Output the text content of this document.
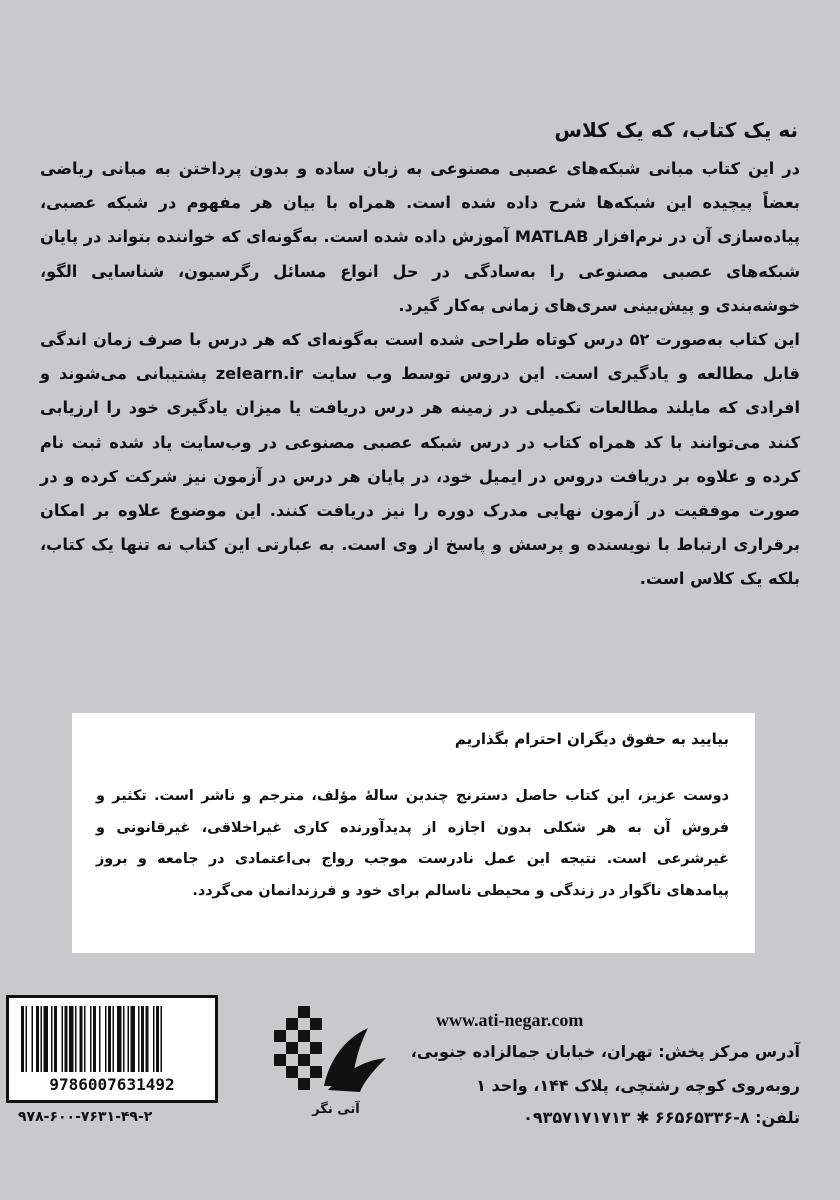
نه یک کتاب، که یک کلاس

در این کتاب مبانی شبکه‌های عصبی مصنوعی به زبان ساده و بدون پرداختن به مبانی ریاضی بعضاً پیچیده این شبکه‌ها شرح داده شده است. همراه با بیان هر مفهوم در شبکه عصبی، پیاده‌سازی آن در نرم‌افزار MATLAB آموزش داده شده است. به‌گونه‌ای که خواننده بتواند در پایان شبکه‌های عصبی مصنوعی را به‌سادگی در حل انواع مسائل رگرسیون، شناسایی الگو، خوشه‌بندی و پیش‌بینی سری‌های زمانی به‌کار گیرد.

این کتاب به‌صورت ۵۲ درس کوتاه طراحی شده است به‌گونه‌ای که هر درس با صرف زمان اندگی قابل مطالعه و یادگیری است. این دروس توسط وب سایت zelearn.ir پشتیبانی می‌شوند و افرادی که مایلند مطالعات تکمیلی در زمینه هر درس دریافت یا میزان یادگیری خود را ارزیابی کنند می‌توانند با کد همراه کتاب در درس شبکه عصبی مصنوعی در وب‌سایت یاد شده ثبت نام کرده و علاوه بر دریافت دروس در ایمیل خود، در پایان هر درس در آزمون نیز شرکت کرده و در صورت موفقیت در آزمون نهایی مدرک دوره را نیز دریافت کنند. این موضوع علاوه بر امکان برقراری ارتباط با نویسنده و پرسش و پاسخ از وی است. به عبارتی این کتاب نه تنها یک کتاب، بلکه یک کلاس است.

بیایید به حقوق دیگران احترام بگذاریم
دوست عزیز، این کتاب حاصل دسترنج چندین سالهٔ مؤلف، مترجم و ناشر است. تکثیر و فروش آن به هر شکلی بدون اجازه از پدیدآورنده کاری غیراخلاقی، غیرقانونی و غیرشرعی است. نتیجه این عمل نادرست موجب رواج بی‌اعتمادی در جامعه و بروز پیامدهای ناگوار در زندگی و محیطی ناسالم برای خود و فرزندانمان می‌گردد.
9786007631492
۹۷۸-۶۰۰-۷۶۳۱-۴۹-۲	آتی نگر
www.ati-negar.com
آدرس مرکز پخش: تهران، خیابان جمالزاده جنوبی،
روبه‌روی کوچه رشتچی، پلاک ۱۴۴، واحد ۱
تلفن: ۸-۶۶۵۶۵۳۳۶ ✱ ۰۹۳۵۷۱۷۱۷۱۳
